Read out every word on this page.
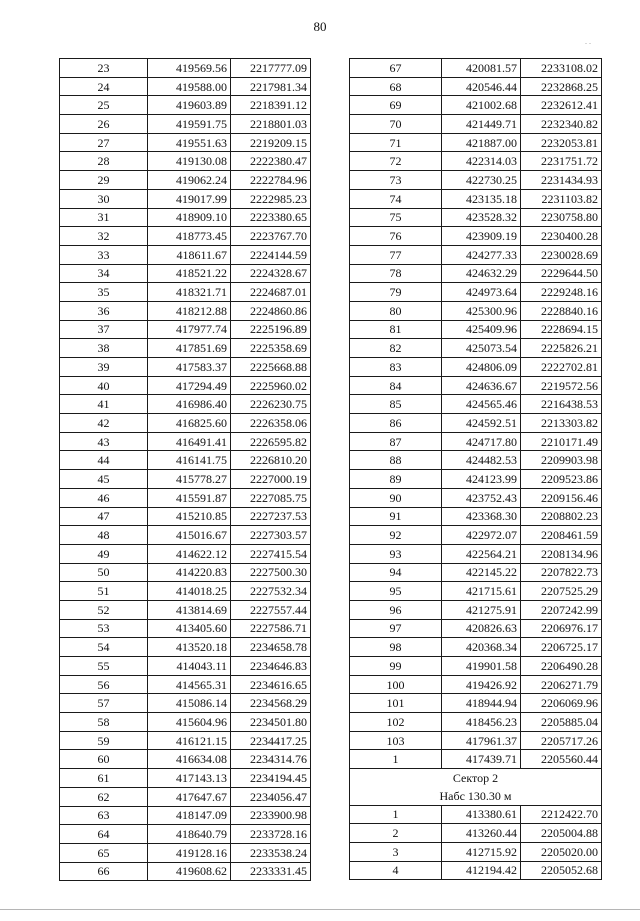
80
. .
23	419569.56	2217777.09
24	419588.00	2217981.34
25	419603.89	2218391.12
26	419591.75	2218801.03
27	419551.63	2219209.15
28	419130.08	2222380.47
29	419062.24	2222784.96
30	419017.99	2222985.23
31	418909.10	2223380.65
32	418773.45	2223767.70
33	418611.67	2224144.59
34	418521.22	2224328.67
35	418321.71	2224687.01
36	418212.88	2224860.86
37	417977.74	2225196.89
38	417851.69	2225358.69
39	417583.37	2225668.88
40	417294.49	2225960.02
41	416986.40	2226230.75
42	416825.60	2226358.06
43	416491.41	2226595.82
44	416141.75	2226810.20
45	415778.27	2227000.19
46	415591.87	2227085.75
47	415210.85	2227237.53
48	415016.67	2227303.57
49	414622.12	2227415.54
50	414220.83	2227500.30
51	414018.25	2227532.34
52	413814.69	2227557.44
53	413405.60	2227586.71
54	413520.18	2234658.78
55	414043.11	2234646.83
56	414565.31	2234616.65
57	415086.14	2234568.29
58	415604.96	2234501.80
59	416121.15	2234417.25
60	416634.08	2234314.76
61	417143.13	2234194.45
62	417647.67	2234056.47
63	418147.09	2233900.98
64	418640.79	2233728.16
65	419128.16	2233538.24
66	419608.62	2233331.45
67	420081.57	2233108.02
68	420546.44	2232868.25
69	421002.68	2232612.41
70	421449.71	2232340.82
71	421887.00	2232053.81
72	422314.03	2231751.72
73	422730.25	2231434.93
74	423135.18	2231103.82
75	423528.32	2230758.80
76	423909.19	2230400.28
77	424277.33	2230028.69
78	424632.29	2229644.50
79	424973.64	2229248.16
80	425300.96	2228840.16
81	425409.96	2228694.15
82	425073.54	2225826.21
83	424806.09	2222702.81
84	424636.67	2219572.56
85	424565.46	2216438.53
86	424592.51	2213303.82
87	424717.80	2210171.49
88	424482.53	2209903.98
89	424123.99	2209523.86
90	423752.43	2209156.46
91	423368.30	2208802.23
92	422972.07	2208461.59
93	422564.21	2208134.96
94	422145.22	2207822.73
95	421715.61	2207525.29
96	421275.91	2207242.99
97	420826.63	2206976.17
98	420368.34	2206725.17
99	419901.58	2206490.28
100	419426.92	2206271.79
101	418944.94	2206069.96
102	418456.23	2205885.04
103	417961.37	2205717.26
1	417439.71	2205560.44
Сектор 2		
Набс 130.30 м		
1	413380.61	2212422.70
2	413260.44	2205004.88
3	412715.92	2205020.00
4	412194.42	2205052.68
